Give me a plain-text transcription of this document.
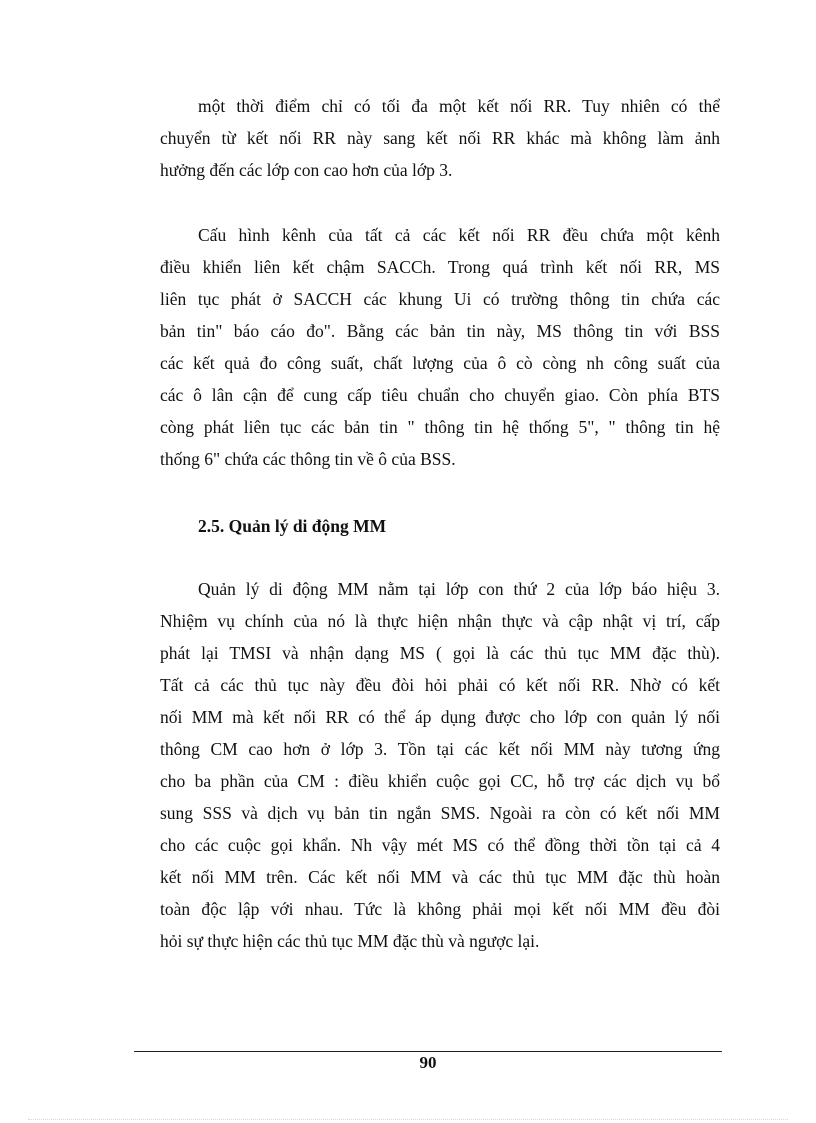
một thời điểm chỉ có tối đa một kết nối RR. Tuy nhiên có thể
chuyển từ kết nối RR này sang kết nối RR khác mà không làm ảnh
hưởng đến các lớp con cao hơn của lớp 3.
Cấu hình kênh của tất cả các kết nối RR đều chứa một kênh
điều khiển liên kết chậm SACCh. Trong quá trình kết nối RR, MS
liên tục phát ở SACCH các khung Ui có trường thông tin chứa các
bản tin" báo cáo đo". Bằng các bản tin này, MS thông tin với BSS
các kết quả đo công suất, chất lượng của ô cò còng nh công suất của
các ô lân cận để cung cấp tiêu chuẩn cho chuyển giao. Còn phía BTS
còng phát liên tục các bản tin " thông tin hệ thống 5", " thông tin hệ
thống 6" chứa các thông tin về ô của BSS.
2.5. Quản lý di động MM
Quản lý di động MM nằm tại lớp con thứ 2 của lớp báo hiệu 3.
Nhiệm vụ chính của nó là thực hiện nhận thực và cập nhật vị trí, cấp
phát lại TMSI và nhận dạng MS ( gọi là các thủ tục MM đặc thù).
Tất cả các thủ tục này đều đòi hỏi phải có kết nối RR. Nhờ có kết
nối MM mà kết nối RR có thể áp dụng được cho lớp con quản lý nối
thông CM cao hơn ở lớp 3. Tồn tại các kết nối MM này tương ứng
cho ba phần của CM : điều khiển cuộc gọi CC, hỗ trợ các dịch vụ bổ
sung SSS và dịch vụ bản tin ngắn SMS. Ngoài ra còn có kết nối MM
cho các cuộc gọi khẩn. Nh vậy mét MS có thể đồng thời tồn tại cả 4
kết nối MM trên. Các kết nối MM và các thủ tục MM đặc thù hoàn
toàn độc lập với nhau. Tức là không phải mọi kết nối MM đều đòi
hỏi sự thực hiện các thủ tục MM đặc thù và ngược lại.
90
